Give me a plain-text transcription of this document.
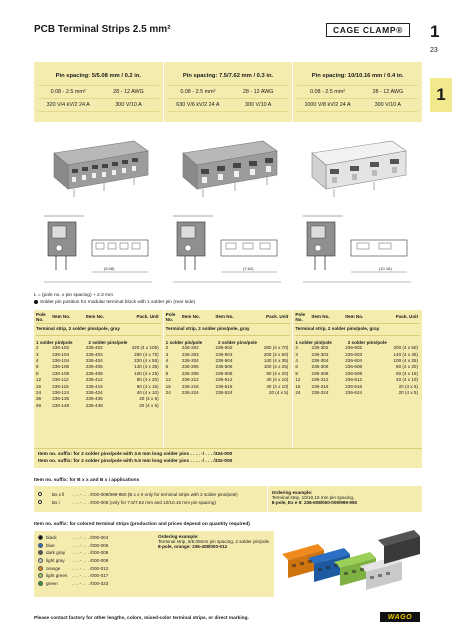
PCB Terminal Strips 2.5 mm²	CAGE CLAMP®	1
23
1
Pin spacing: 5/5.08 mm / 0.2 in.
0.08 - 2.5 mm²	28 - 12 AWG
320 V/4 kV/2 24 A	300 V/10 A
Pin spacing: 7.5/7.62 mm / 0.3 in.
0.08 - 2.5 mm²	28 - 12 AWG
630 V/6 kV/2 24 A	300 V/10 A
Pin spacing: 10/10.16 mm / 0.4 in.
0.08 - 2.5 mm²	28 - 12 AWG
1000 V/8 kV/2 24 A	300 V/10 A
(5.08)	(7.62)	(10.16)
L = (pole no. x pin spacing) + 2.3 mm
Solder pin position for modular terminal block with 1 solder pin (rear side)
Pole No.	Item No.	Item No.	Pack. Unit
Terminal strip, 2 solder pins/pole, gray
1 solder pin/pole	2 solder pins/pole
2	236-102	236-402	420 (4 x 105)
3	236-103	236-403	280 (4 x 70)
4	236-104	236-404	220 (4 x 55)
6	236-106	236-406	140 (4 x 35)
8	236-108	236-408	100 (4 x 25)
12	236-112	236-412	80 (4 x 20)
16	236-116	236-416	60 (4 x 15)
24	236-124	236-424	40 (4 x 10)
36	236-136	236-436	20 (4 x 5)
48	236-148	236-448	20 (4 x 5)
Pole No.	Item No.	Item No.	Pack. Unit
Terminal strip, 2 solder pins/pole, gray
1 solder pin/pole	2 solder pins/pole
2	236-202	236-502	280 (4 x 70)
3	236-203	236-503	200 (4 x 50)
4	236-204	236-504	140 (4 x 35)
6	236-206	236-506	100 (4 x 25)
8	236-208	236-508	80 (4 x 20)
12	236-212	236-512	40 (4 x 10)
16	236-216	236-516	40 (4 x 10)
24	236-224	236-524	20 (4 x 5)
Pole No.	Item No.	Item No.	Pack. Unit
Terminal strip, 2 solder pins/pole, gray
1 solder pin/pole	2 solder pins/pole
2	236-302	236-602	200 (4 x 50)
3	236-303	236-603	140 (4 x 35)
4	236-304	236-604	100 (4 x 25)
6	236-306	236-606	80 (4 x 20)
8	236-308	236-608	60 (4 x 15)
12	236-312	236-612	40 (4 x 10)
16	236-316	236-616	20 (4 x 5)
24	236-324	236-624	20 (4 x 5)
Item no. suffix: for 2 solder pins/pole with 3.6 mm long solder pins . . . . -/ . . . /334-000
Item no. suffix: for 2 solder pins/pole with 5.5 mm long solder pins . . . . -/ . . . /332-000
Item no. suffix: for B x x and B x i applications
Bx x ll	. . . - . . . /000-009/999-950 (B x x II only for terminal strips with 2 solder pins/pole)
Bx i	. . . - . . . /000-006 (only for 7.5/7.62 mm and 10/10.16 mm pin spacing)
Ordering example:
Terminal strip, 10/10.16 mm pin spacing,
8-pole, Ex e II: 236-608/000-009/999-950
Item no. suffix: for colored terminal strips (production and prices depend on quantity required)
black	. . . - . . . /000-004
blue	. . . - . . . /000-006
dark gray	. . . - . . . /000-008
light gray	. . . - . . . /000-009
orange	. . . - . . . /000-012
light green . . . - . . . /000-017
green	. . . - . . . /000-023
Ordering example:
Terminal strip, 5/5.08mm pin spacing, 2 solder pin/pole
8-pole, orange: 236-408/000-012
Please contact factory for other lengths, colors, mixed-color terminal strips, or direct marking.	WAGO
